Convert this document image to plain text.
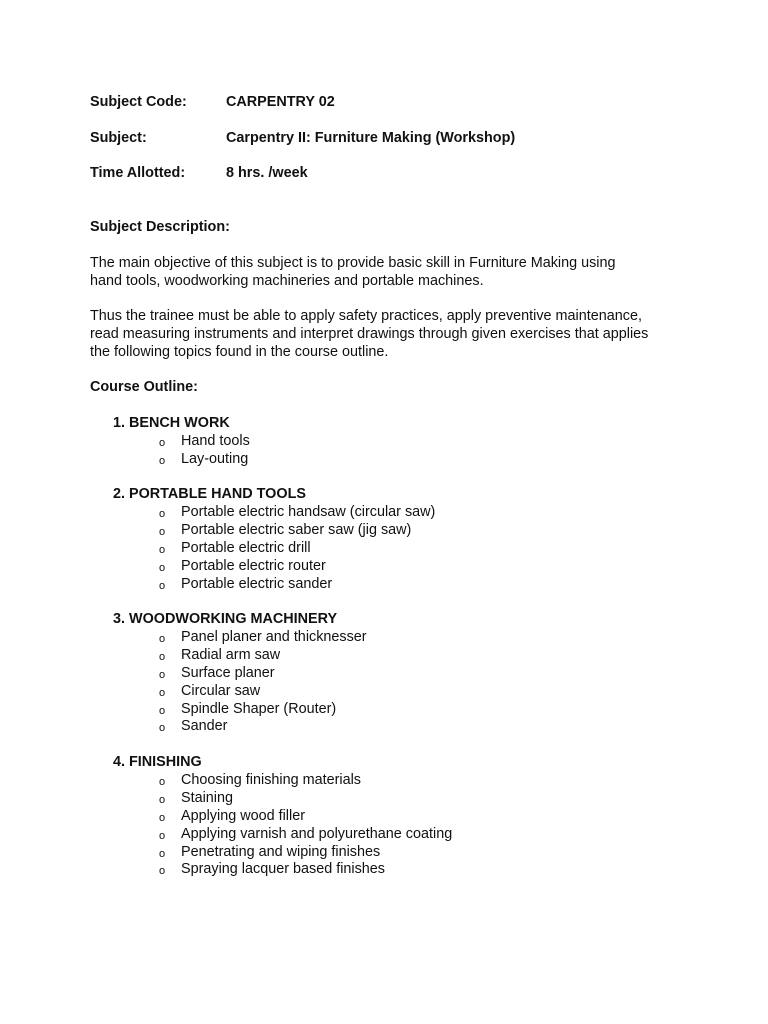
Subject Code:	CARPENTRY 02
Subject:	Carpentry II: Furniture Making (Workshop)
Time Allotted:	8 hrs. /week
Subject Description:

The main objective of this subject is to provide basic skill in Furniture Making using
hand tools, woodworking machineries and portable machines.

Thus the trainee must be able to apply safety practices, apply preventive maintenance,
read measuring instruments and interpret drawings through given exercises that applies
the following topics found in the course outline.

Course Outline:
1. BENCH WORK
o Hand tools
o Lay-outing
2. PORTABLE HAND TOOLS
o Portable electric handsaw (circular saw)
o Portable electric saber saw (jig saw)
o Portable electric drill
o Portable electric router
o Portable electric sander
3. WOODWORKING MACHINERY
o Panel planer and thicknesser
o Radial arm saw
o Surface planer
o Circular saw
o Spindle Shaper (Router)
o Sander
4. FINISHING
o Choosing finishing materials
o Staining
o Applying wood filler
o Applying varnish and polyurethane coating
o Penetrating and wiping finishes
o Spraying lacquer based finishes
